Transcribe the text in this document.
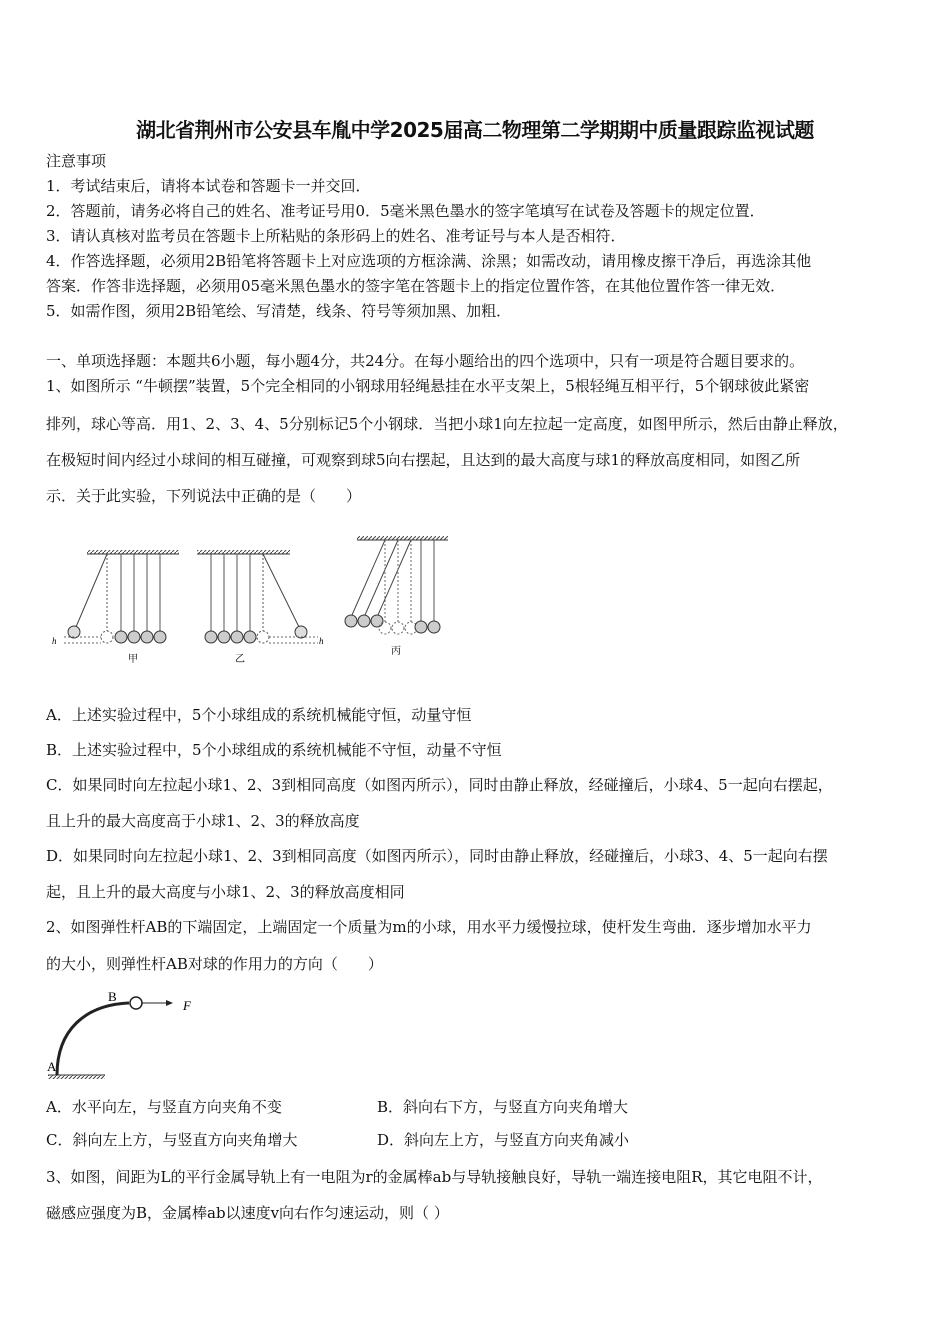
湖北省荆州市公安县车胤中学2025届高二物理第二学期期中质量跟踪监视试题
注意事项
1．考试结束后，请将本试卷和答题卡一并交回．
2．答题前，请务必将自己的姓名、准考证号用0．5毫米黑色墨水的签字笔填写在试卷及答题卡的规定位置．
3．请认真核对监考员在答题卡上所粘贴的条形码上的姓名、准考证号与本人是否相符．
4．作答选择题，必须用2B铅笔将答题卡上对应选项的方框涂满、涂黑；如需改动，请用橡皮擦干净后，再选涂其他
答案．作答非选择题，必须用05毫米黑色墨水的签字笔在答题卡上的指定位置作答，在其他位置作答一律无效．
5．如需作图，须用2B铅笔绘、写清楚，线条、符号等须加黑、加粗．
一、单项选择题：本题共6小题，每小题4分，共24分。在每小题给出的四个选项中，只有一项是符合题目要求的。
1、如图所示 “牛顿摆”装置，5个完全相同的小钢球用轻绳悬挂在水平支架上，5根轻绳互相平行，5个钢球彼此紧密
排列，球心等高．用1、2、3、4、5分别标记5个小钢球．当把小球1向左拉起一定高度，如图甲所示，然后由静止释放，
在极短时间内经过小球间的相互碰撞，可观察到球5向右摆起，且达到的最大高度与球1的释放高度相同，如图乙所
示．关于此实验，下列说法中正确的是（　　）
h
甲
h
乙
丙
A
B
F
A．上述实验过程中，5个小球组成的系统机械能守恒，动量守恒
B．上述实验过程中，5个小球组成的系统机械能不守恒，动量不守恒
C．如果同时向左拉起小球1、2、3到相同高度（如图丙所示），同时由静止释放，经碰撞后，小球4、5一起向右摆起，
且上升的最大高度高于小球1、2、3的释放高度
D．如果同时向左拉起小球1、2、3到相同高度（如图丙所示），同时由静止释放，经碰撞后，小球3、4、5一起向右摆
起，且上升的最大高度与小球1、2、3的释放高度相同
2、如图弹性杆AB的下端固定，上端固定一个质量为m的小球，用水平力缓慢拉球，使杆发生弯曲．逐步增加水平力
的大小，则弹性杆AB对球的作用力的方向（　　）
A．水平向左，与竖直方向夹角不变	B．斜向右下方，与竖直方向夹角增大
C．斜向左上方，与竖直方向夹角增大	D．斜向左上方，与竖直方向夹角减小
3、如图，间距为L的平行金属导轨上有一电阻为r的金属棒ab与导轨接触良好，导轨一端连接电阻R，其它电阻不计，
磁感应强度为B，金属棒ab以速度v向右作匀速运动，则（ ）
